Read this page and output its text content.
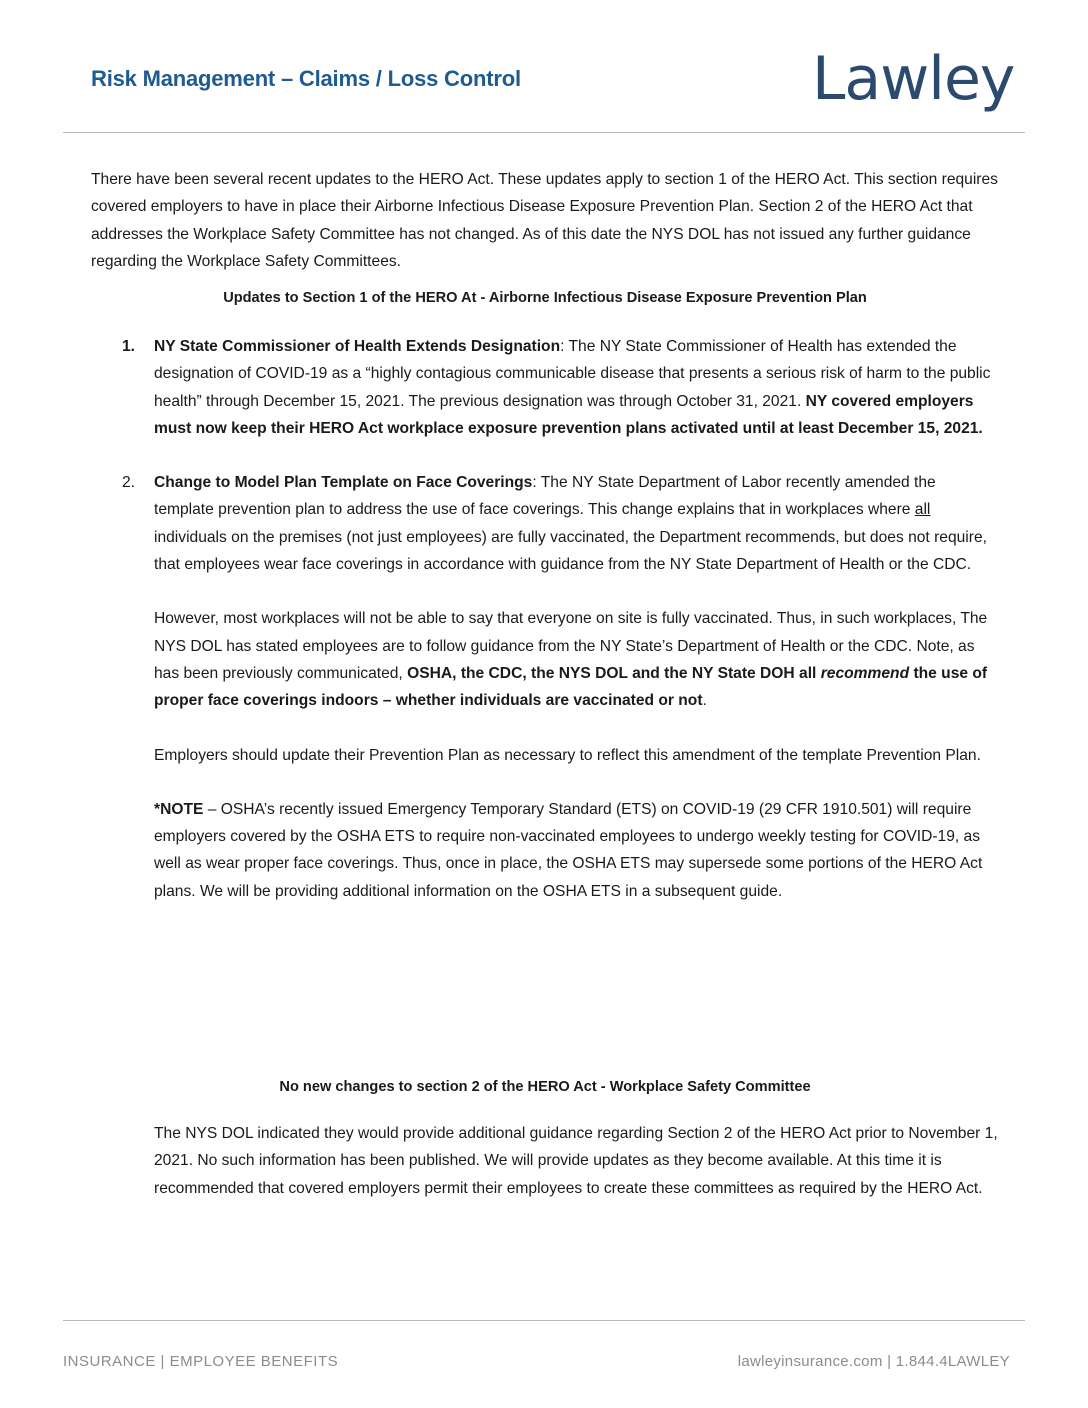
Risk Management – Claims / Loss Control	Lawley

There have been several recent updates to the HERO Act. These updates apply to section 1 of the HERO Act. This section requires covered employers to have in place their Airborne Infectious Disease Exposure Prevention Plan. Section 2 of the HERO Act that addresses the Workplace Safety Committee has not changed. As of this date the NYS DOL has not issued any further guidance regarding the Workplace Safety Committees.

Updates to Section 1 of the HERO At - Airborne Infectious Disease Exposure Prevention Plan

1. NY State Commissioner of Health Extends Designation: The NY State Commissioner of Health has extended the designation of COVID-19 as a “highly contagious communicable disease that presents a serious risk of harm to the public health” through December 15, 2021. The previous designation was through October 31, 2021. NY covered employers must now keep their HERO Act workplace exposure prevention plans activated until at least December 15, 2021.

2. Change to Model Plan Template on Face Coverings: The NY State Department of Labor recently amended the template prevention plan to address the use of face coverings. This change explains that in workplaces where all individuals on the premises (not just employees) are fully vaccinated, the Department recommends, but does not require, that employees wear face coverings in accordance with guidance from the NY State Department of Health or the CDC.

However, most workplaces will not be able to say that everyone on site is fully vaccinated. Thus, in such workplaces, The NYS DOL has stated employees are to follow guidance from the NY State’s Department of Health or the CDC. Note, as has been previously communicated, OSHA, the CDC, the NYS DOL and the NY State DOH all recommend the use of proper face coverings indoors – whether individuals are vaccinated or not.

Employers should update their Prevention Plan as necessary to reflect this amendment of the template Prevention Plan.

*NOTE – OSHA’s recently issued Emergency Temporary Standard (ETS) on COVID-19 (29 CFR 1910.501) will require employers covered by the OSHA ETS to require non-vaccinated employees to undergo weekly testing for COVID-19, as well as wear proper face coverings. Thus, once in place, the OSHA ETS may supersede some portions of the HERO Act plans. We will be providing additional information on the OSHA ETS in a subsequent guide.

No new changes to section 2 of the HERO Act - Workplace Safety Committee

The NYS DOL indicated they would provide additional guidance regarding Section 2 of the HERO Act prior to November 1, 2021. No such information has been published. We will provide updates as they become available. At this time it is recommended that covered employers permit their employees to create these committees as required by the HERO Act.

INSURANCE | EMPLOYEE BENEFITS	lawleyinsurance.com | 1.844.4LAWLEY
